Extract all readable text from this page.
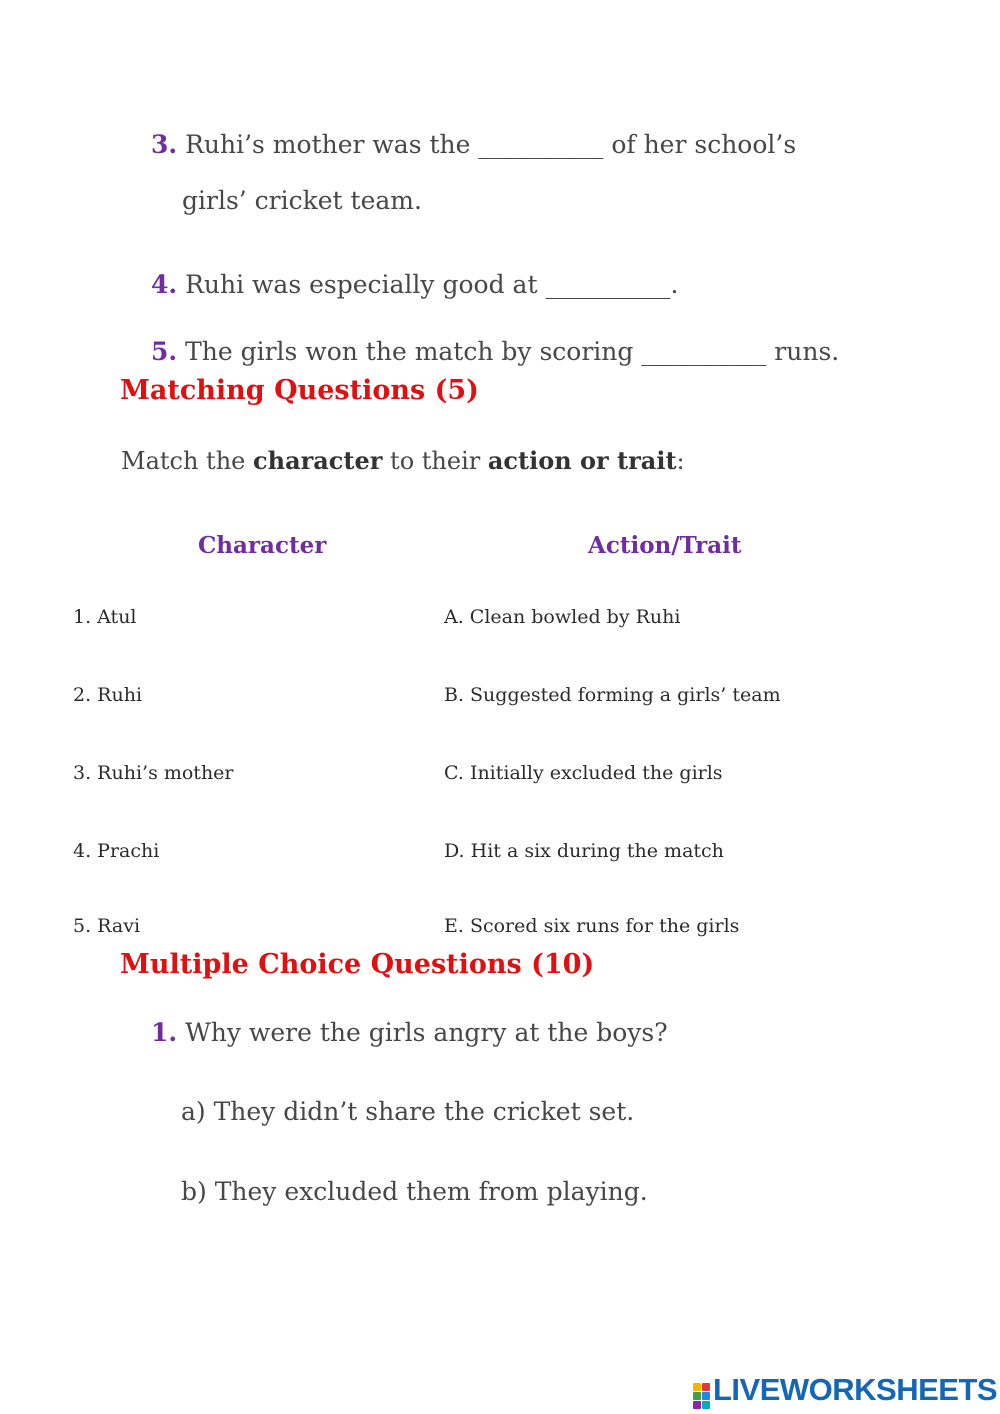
3. Ruhi’s mother was the __________ of her school’s
girls’ cricket team.
4. Ruhi was especially good at __________.
5. The girls won the match by scoring __________ runs.
Matching Questions (5)
Match the character to their action or trait:
Character	Action/Trait
1. Atul	A. Clean bowled by Ruhi
2. Ruhi	B. Suggested forming a girls’ team
3. Ruhi’s mother	C. Initially excluded the girls
4. Prachi	D. Hit a six during the match
5. Ravi	E. Scored six runs for the girls
Multiple Choice Questions (10)
1. Why were the girls angry at the boys?
a) They didn’t share the cricket set.
b) They excluded them from playing.
LIVEWORKSHEETS
